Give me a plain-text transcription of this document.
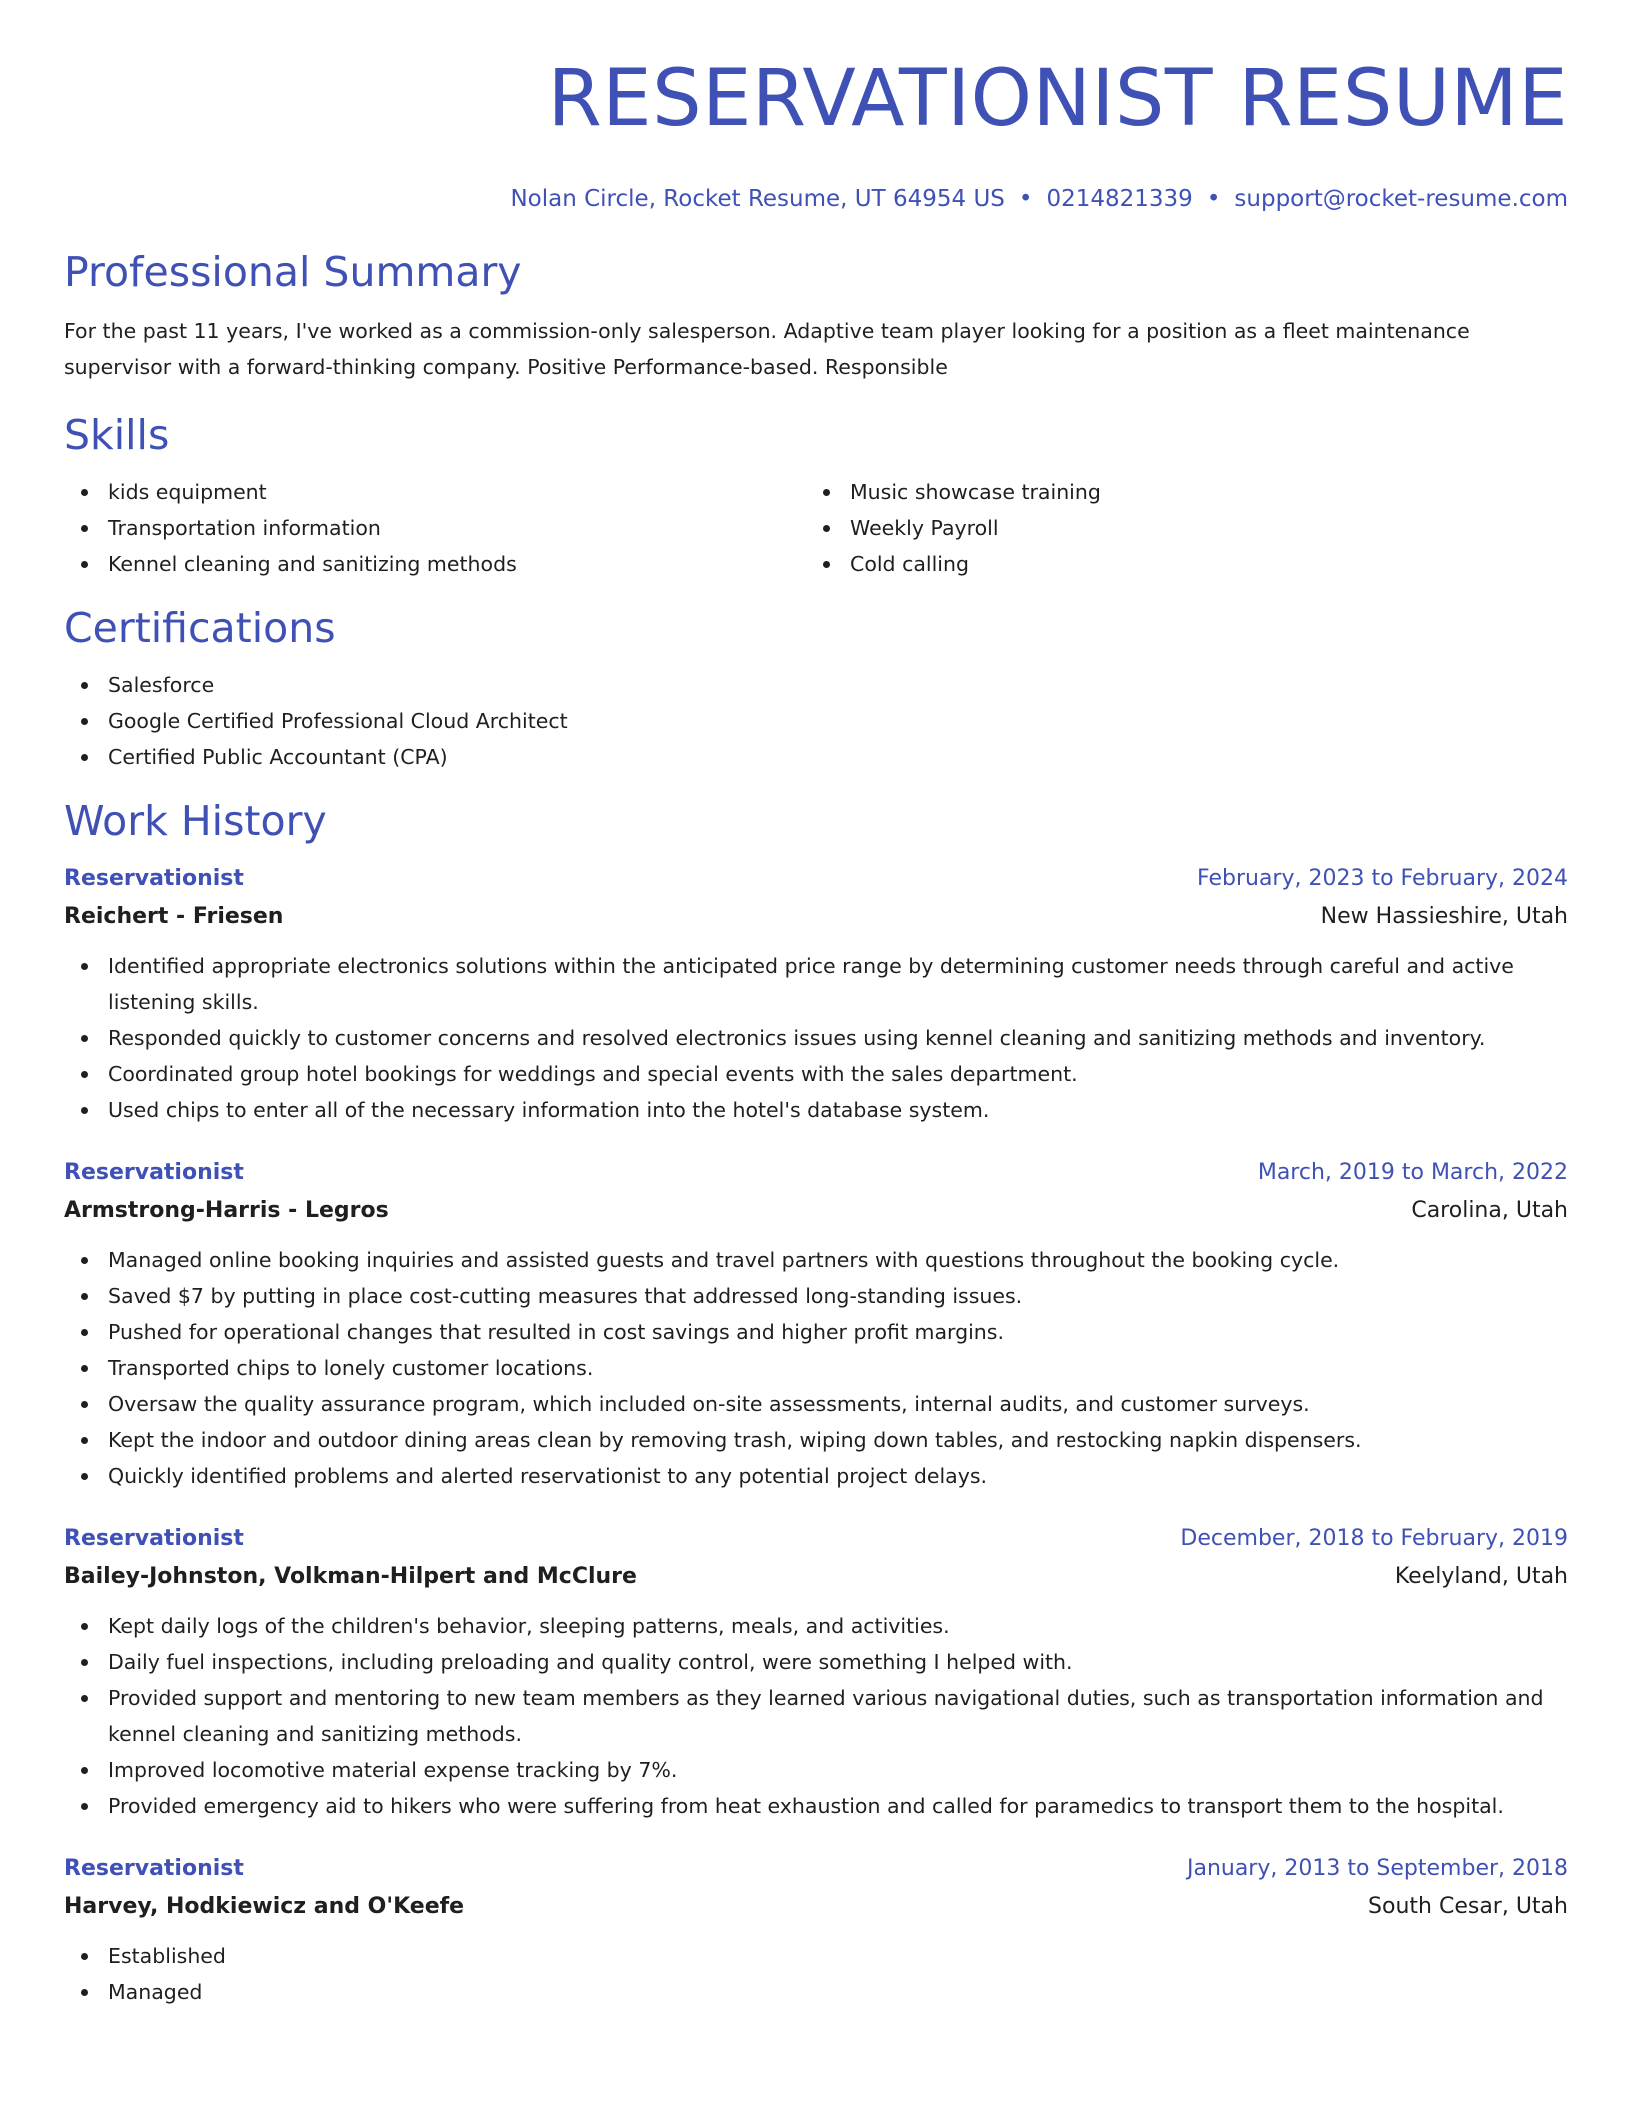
RESERVATIONIST RESUME
Nolan Circle, Rocket Resume, UT 64954 US • 0214821339 • support@rocket-resume.com
Professional Summary

For the past 11 years, I've worked as a commission-only salesperson. Adaptive team player looking for a position as a fleet maintenance supervisor with a forward-thinking company. Positive Performance-based. Responsible

Skills
kids equipment
Transportation information
Kennel cleaning and sanitizing methods
Music showcase training
Weekly Payroll
Cold calling
Certifications
Salesforce
Google Certified Professional Cloud Architect
Certified Public Accountant (CPA)
Work History
Reservationist	February, 2023 to February, 2024
Reichert - Friesen	New Hassieshire, Utah
Identified appropriate electronics solutions within the anticipated price range by determining customer needs through careful and active listening skills.
Responded quickly to customer concerns and resolved electronics issues using kennel cleaning and sanitizing methods and inventory.
Coordinated group hotel bookings for weddings and special events with the sales department.
Used chips to enter all of the necessary information into the hotel's database system.
Reservationist	March, 2019 to March, 2022
Armstrong-Harris - Legros	Carolina, Utah
Managed online booking inquiries and assisted guests and travel partners with questions throughout the booking cycle.
Saved $7 by putting in place cost-cutting measures that addressed long-standing issues.
Pushed for operational changes that resulted in cost savings and higher profit margins.
Transported chips to lonely customer locations.
Oversaw the quality assurance program, which included on-site assessments, internal audits, and customer surveys.
Kept the indoor and outdoor dining areas clean by removing trash, wiping down tables, and restocking napkin dispensers.
Quickly identified problems and alerted reservationist to any potential project delays.
Reservationist	December, 2018 to February, 2019
Bailey-Johnston, Volkman-Hilpert and McClure	Keelyland, Utah
Kept daily logs of the children's behavior, sleeping patterns, meals, and activities.
Daily fuel inspections, including preloading and quality control, were something I helped with.
Provided support and mentoring to new team members as they learned various navigational duties, such as transportation information and kennel cleaning and sanitizing methods.
Improved locomotive material expense tracking by 7%.
Provided emergency aid to hikers who were suffering from heat exhaustion and called for paramedics to transport them to the hospital.
Reservationist	January, 2013 to September, 2018
Harvey, Hodkiewicz and O'Keefe	South Cesar, Utah
Established
Managed
